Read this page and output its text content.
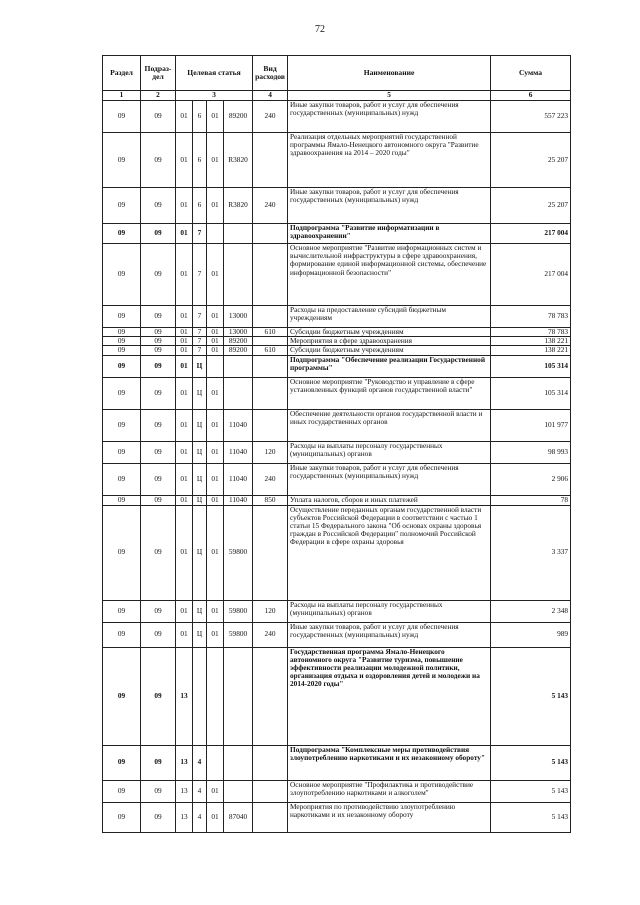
72
Раздел	Подраз-дел	Целевая статья				Вид расходов	Наименование	Сумма
1	2	3				4	5	6
09	09	01	6	01	89200	240	Иные закупки товаров, работ и услуг для обеспечения государственных (муниципальных) нужд	557 223
09	09	01	6	01	R3820		Реализация отдельных мероприятий государственной программы Ямало-Ненецкого автономного округа "Развитие здравоохранения на 2014 – 2020 годы"	25 207
09	09	01	6	01	R3820	240	Иные закупки товаров, работ и услуг для обеспечения государственных (муниципальных) нужд	25 207
09	09	01	7				Подпрограмма "Развитие информатизации в здравоохранении"	217 004
09	09	01	7	01			Основное мероприятие "Развитие информационных систем и вычислительной инфраструктуры в сфере здравоохранения, формирование единой информационной системы, обеспечение информационной безопасности"	217 004
09	09	01	7	01	13000		Расходы на предоставление субсидий бюджетным учреждениям	78 783
09	09	01	7	01	13000	610	Субсидии бюджетным учреждениям	78 783
09	09	01	7	01	89200		Мероприятия в сфере здравоохранения	138 221
09	09	01	7	01	89200	610	Субсидии бюджетным учреждениям	138 221
09	09	01	Ц				Подпрограмма "Обеспечение реализации Государственной программы"	105 314
09	09	01	Ц	01			Основное мероприятие "Руководство и управление в сфере установленных функций органов государственной власти"	105 314
09	09	01	Ц	01	11040		Обеспечение деятельности органов государственной власти и иных государственных органов	101 977
09	09	01	Ц	01	11040	120	Расходы на выплаты персоналу государственных (муниципальных) органов	98 993
09	09	01	Ц	01	11040	240	Иные закупки товаров, работ и услуг для обеспечения государственных (муниципальных) нужд	2 906
09	09	01	Ц	01	11040	850	Уплата налогов, сборов и иных платежей	78
09	09	01	Ц	01	59800		Осуществление переданных органам государственной власти субъектов Российской Федерации в соответствии с частью 1 статьи 15 Федерального закона "Об основах охраны здоровья граждан в Российской Федерации" полномочий Российской Федерации в сфере охраны здоровья	3 337
09	09	01	Ц	01	59800	120	Расходы на выплаты персоналу государственных (муниципальных) органов	2 348
09	09	01	Ц	01	59800	240	Иные закупки товаров, работ и услуг для обеспечения государственных (муниципальных) нужд	989
09	09	13					Государственная программа Ямало-Ненецкого автономного округа "Развитие туризма, повышение эффективности реализации молодежной политики, организация отдыха и оздоровления детей и молодежи на 2014-2020 годы"	5 143
09	09	13	4				Подпрограмма "Комплексные меры противодействия злоупотреблению наркотиками и их незаконному обороту"	5 143
09	09	13	4	01			Основное мероприятие "Профилактика и противодействие злоупотреблению наркотиками и алкоголем"	5 143
09	09	13	4	01	87040		Мероприятия по противодействию злоупотреблению наркотиками и их незаконному обороту	5 143
